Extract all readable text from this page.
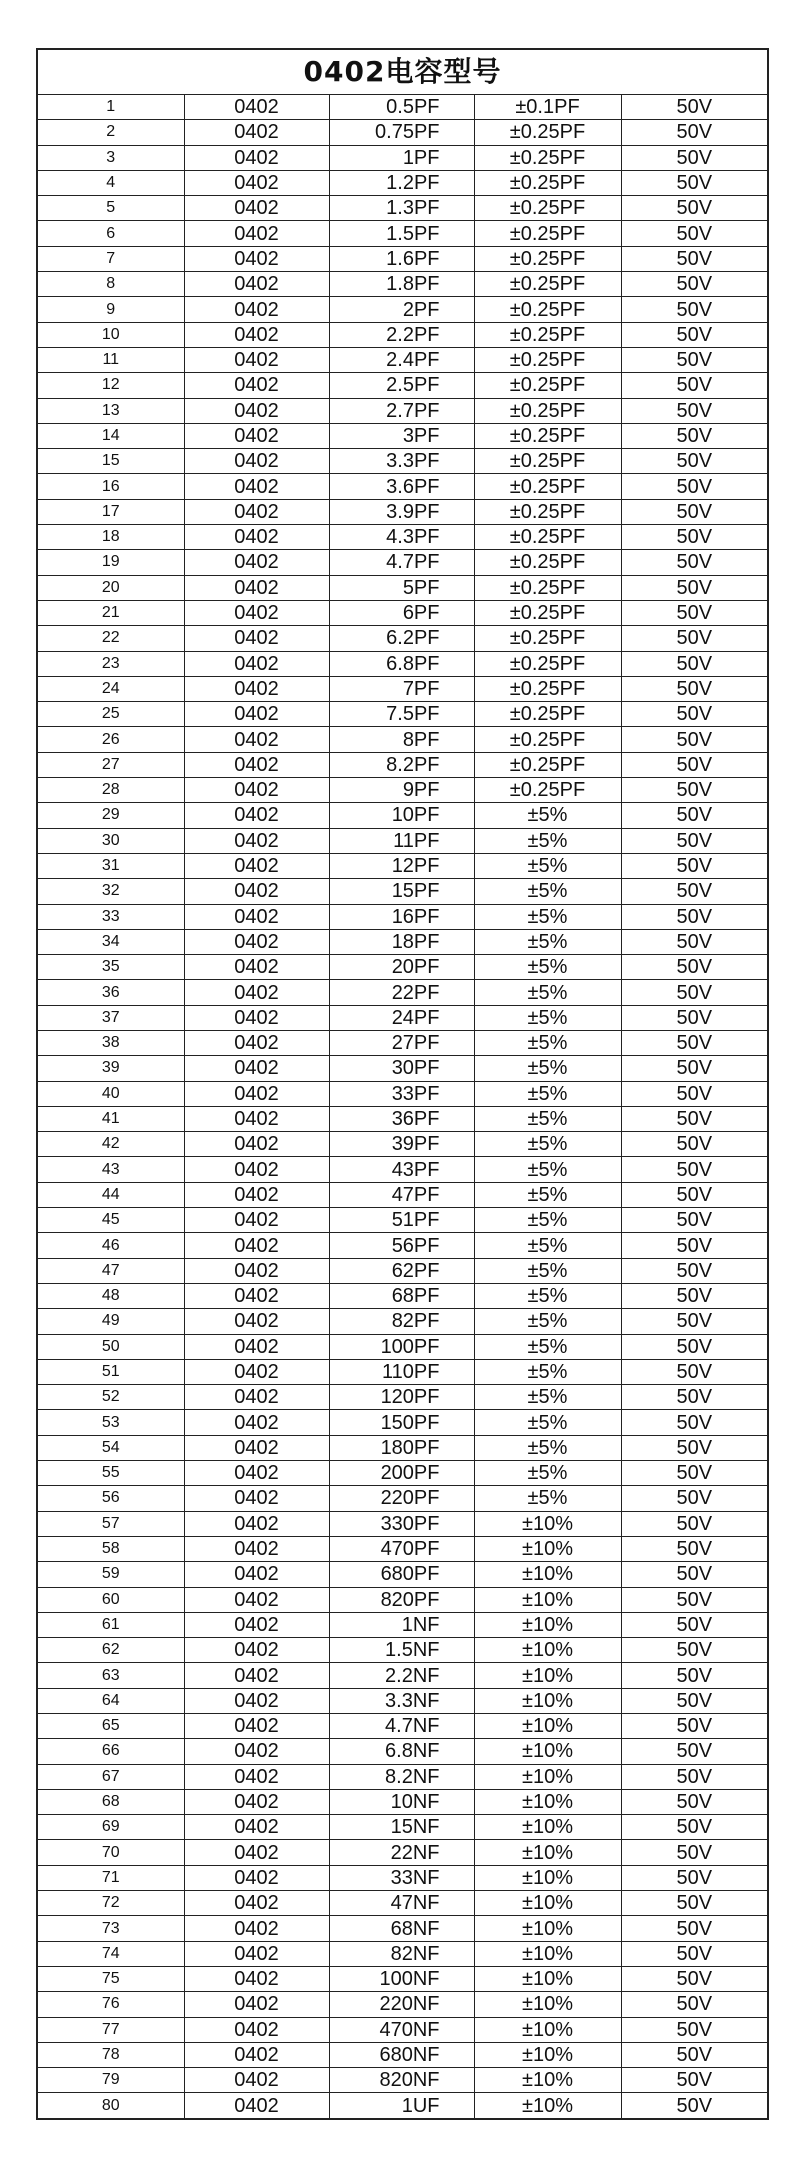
0402电容型号
1	0402	0.5PF	±0.1PF	50V
2	0402	0.75PF	±0.25PF	50V
3	0402	1PF	±0.25PF	50V
4	0402	1.2PF	±0.25PF	50V
5	0402	1.3PF	±0.25PF	50V
6	0402	1.5PF	±0.25PF	50V
7	0402	1.6PF	±0.25PF	50V
8	0402	1.8PF	±0.25PF	50V
9	0402	2PF	±0.25PF	50V
10	0402	2.2PF	±0.25PF	50V
11	0402	2.4PF	±0.25PF	50V
12	0402	2.5PF	±0.25PF	50V
13	0402	2.7PF	±0.25PF	50V
14	0402	3PF	±0.25PF	50V
15	0402	3.3PF	±0.25PF	50V
16	0402	3.6PF	±0.25PF	50V
17	0402	3.9PF	±0.25PF	50V
18	0402	4.3PF	±0.25PF	50V
19	0402	4.7PF	±0.25PF	50V
20	0402	5PF	±0.25PF	50V
21	0402	6PF	±0.25PF	50V
22	0402	6.2PF	±0.25PF	50V
23	0402	6.8PF	±0.25PF	50V
24	0402	7PF	±0.25PF	50V
25	0402	7.5PF	±0.25PF	50V
26	0402	8PF	±0.25PF	50V
27	0402	8.2PF	±0.25PF	50V
28	0402	9PF	±0.25PF	50V
29	0402	10PF	±5%	50V
30	0402	11PF	±5%	50V
31	0402	12PF	±5%	50V
32	0402	15PF	±5%	50V
33	0402	16PF	±5%	50V
34	0402	18PF	±5%	50V
35	0402	20PF	±5%	50V
36	0402	22PF	±5%	50V
37	0402	24PF	±5%	50V
38	0402	27PF	±5%	50V
39	0402	30PF	±5%	50V
40	0402	33PF	±5%	50V
41	0402	36PF	±5%	50V
42	0402	39PF	±5%	50V
43	0402	43PF	±5%	50V
44	0402	47PF	±5%	50V
45	0402	51PF	±5%	50V
46	0402	56PF	±5%	50V
47	0402	62PF	±5%	50V
48	0402	68PF	±5%	50V
49	0402	82PF	±5%	50V
50	0402	100PF	±5%	50V
51	0402	110PF	±5%	50V
52	0402	120PF	±5%	50V
53	0402	150PF	±5%	50V
54	0402	180PF	±5%	50V
55	0402	200PF	±5%	50V
56	0402	220PF	±5%	50V
57	0402	330PF	±10%	50V
58	0402	470PF	±10%	50V
59	0402	680PF	±10%	50V
60	0402	820PF	±10%	50V
61	0402	1NF	±10%	50V
62	0402	1.5NF	±10%	50V
63	0402	2.2NF	±10%	50V
64	0402	3.3NF	±10%	50V
65	0402	4.7NF	±10%	50V
66	0402	6.8NF	±10%	50V
67	0402	8.2NF	±10%	50V
68	0402	10NF	±10%	50V
69	0402	15NF	±10%	50V
70	0402	22NF	±10%	50V
71	0402	33NF	±10%	50V
72	0402	47NF	±10%	50V
73	0402	68NF	±10%	50V
74	0402	82NF	±10%	50V
75	0402	100NF	±10%	50V
76	0402	220NF	±10%	50V
77	0402	470NF	±10%	50V
78	0402	680NF	±10%	50V
79	0402	820NF	±10%	50V
80	0402	1UF	±10%	50V
